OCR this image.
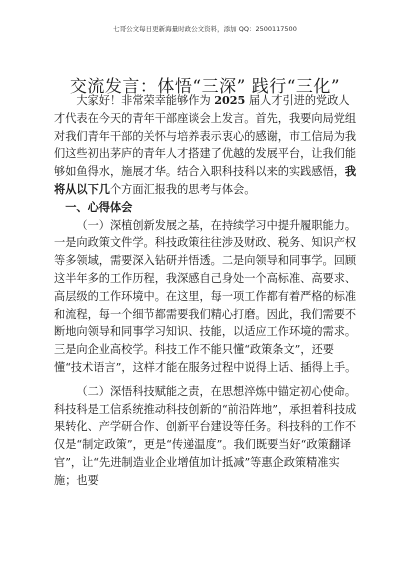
七哥公文每日更新海量时政公文资料，添加 QQ：2500117500
交流发言：体悟“三深” 践行“三化”

大家好！非常荣幸能够作为 2025 届人才引进的党政人才代表在今天的青年干部座谈会上发言。首先，我要向局党组对我们青年干部的关怀与培养表示衷心的感谢，市工信局为我们这些初出茅庐的青年人才搭建了优越的发展平台，让我们能够如鱼得水，施展才华。结合入职科技科以来的实践感悟，我将从以下几个方面汇报我的思考与体会。

一、心得体会

（一）深植创新发展之基，在持续学习中提升履职能力。一是向政策文件学。科技政策往往涉及财政、税务、知识产权等多领域，需要深入钻研并悟透。二是向领导和同事学。回顾这半年多的工作历程，我深感自己身处一个高标准、高要求、高层级的工作环境中。在这里，每一项工作都有着严格的标准和流程，每一个细节都需要我们精心打磨。因此，我们需要不断地向领导和同事学习知识、技能，以适应工作环境的需求。三是向企业高校学。科技工作不能只懂“政策条文”，还要懂“技术语言”，这样才能在服务过程中说得上话、插得上手。

（二）深悟科技赋能之责，在思想淬炼中锚定初心使命。科技科是工信系统推动科技创新的“前沿阵地”，承担着科技成果转化、产学研合作、创新平台建设等任务。科技科的工作不仅是“制定政策”，更是“传递温度”。我们既要当好“政策翻译官”，让“先进制造业企业增值加计抵减”等惠企政策精准实施；也要
